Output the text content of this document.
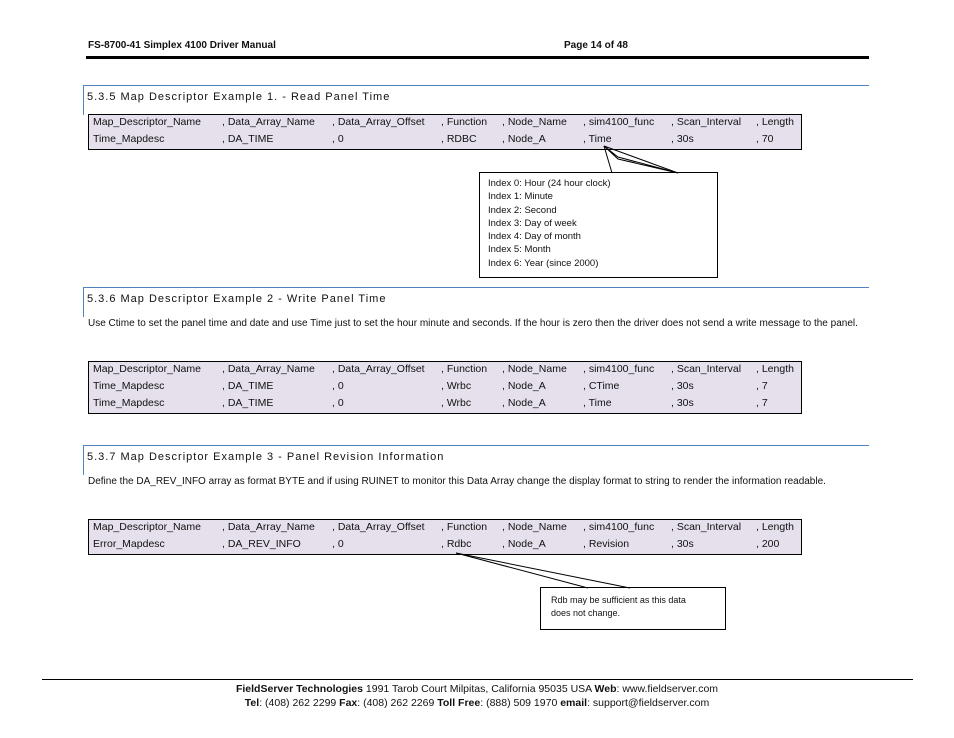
FS-8700-41 Simplex 4100 Driver Manual	Page 14 of 48
5.3.5 Map Descriptor Example 1. - Read Panel Time
Map_Descriptor_Name , Data_Array_Name , Data_Array_Offset , Function , Node_Name , sim4100_func , Scan_Interval , Length
Time_Mapdesc	, DA_TIME	, 0	, RDBC , Node_A	, Time	, 30s	, 70
Index 0: Hour (24 hour clock)
Index 1: Minute
Index 2: Second
Index 3: Day of week
Index 4: Day of month
Index 5: Month
Index 6: Year (since 2000)
5.3.6 Map Descriptor Example 2 - Write Panel Time
Use Ctime to set the panel time and date and use Time just to set the hour minute and seconds. If the hour is zero then the driver does not send a write message to the panel.
Map_Descriptor_Name , Data_Array_Name , Data_Array_Offset , Function , Node_Name , sim4100_func , Scan_Interval , Length
Time_Mapdesc	, DA_TIME	, 0	, Wrbc	, Node_A	, CTime	, 30s	, 7
Time_Mapdesc	, DA_TIME	, 0	, Wrbc	, Node_A	, Time	, 30s	, 7
5.3.7 Map Descriptor Example 3 - Panel Revision Information
Define the DA_REV_INFO array as format BYTE and if using RUINET to monitor this Data Array change the display format to string to render the information readable.
Map_Descriptor_Name , Data_Array_Name , Data_Array_Offset , Function , Node_Name , sim4100_func , Scan_Interval , Length
Error_Mapdesc	, DA_REV_INFO	, 0	, Rdbc	, Node_A	, Revision	, 30s	, 200
Rdb may be sufficient as this data
does not change.
FieldServer Technologies 1991 Tarob Court Milpitas, California 95035 USA Web: www.fieldserver.com
Tel: (408) 262 2299 Fax: (408) 262 2269 Toll Free: (888) 509 1970 email: support@fieldserver.com
